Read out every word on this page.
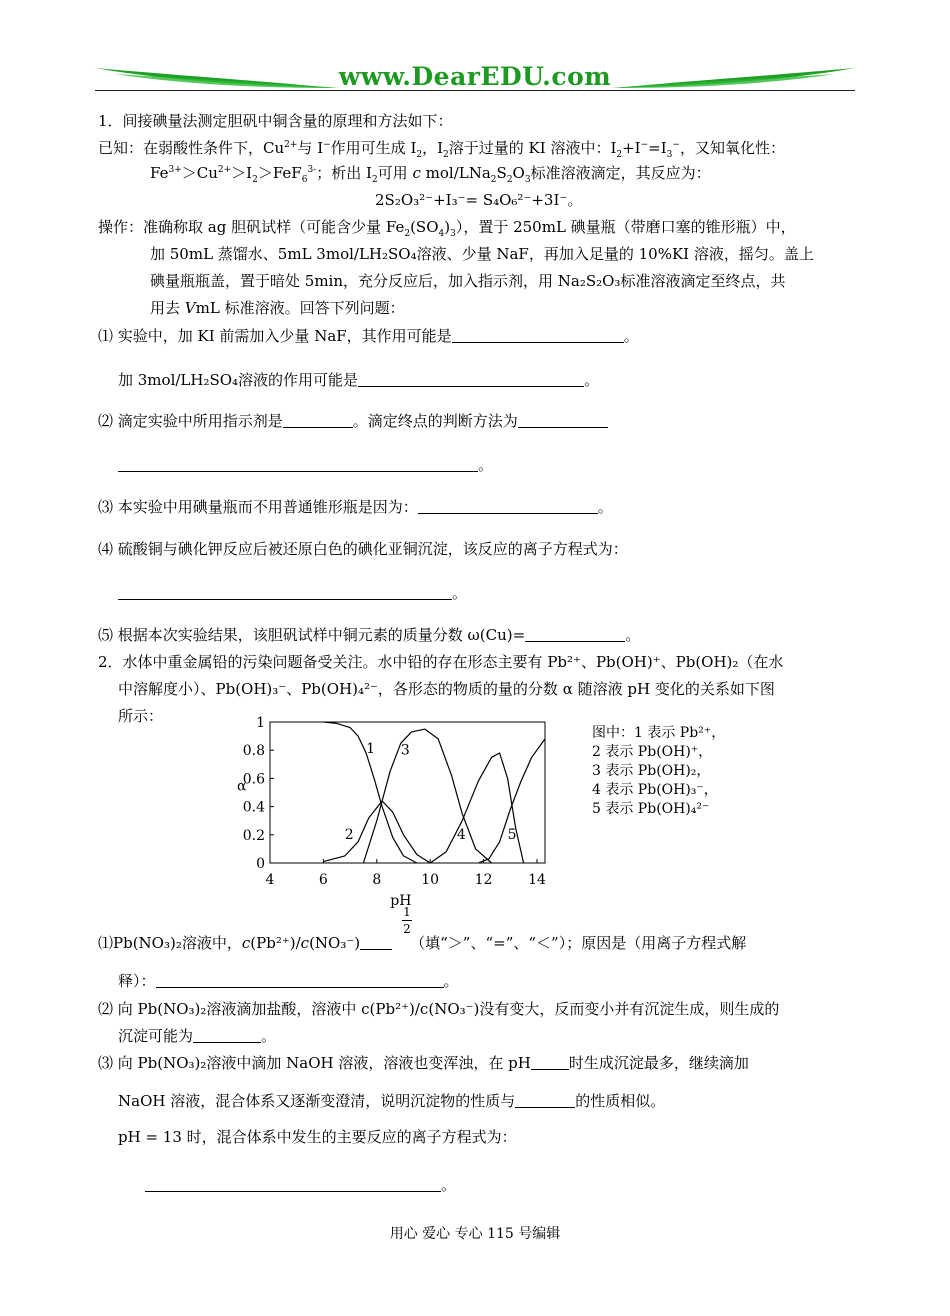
www.DearEDU.com
1．间接碘量法测定胆矾中铜含量的原理和方法如下：
已知：在弱酸性条件下，$Cu^{2+}$与 I−作用可生成 $I_2$，$I_2$溶于过量的 KI 溶液中：$I_2+I^-=I_3^-$，又知氧化性：
$Fe^{3+}>Cu^{2+}>I_2>FeF_6^{3-}$；析出 $I_2$可用 c mol/$LNa_2S_2O_3$标准溶液滴定，其反应为：
2S₂O₃²⁻+I₃⁻= S₄O₆²⁻+3I⁻。
操作：准确称取 ag 胆矾试样（可能含少量 $Fe_2(SO_4)_3$），置于 250mL 碘量瓶（带磨口塞的锥形瓶）中，
加 50mL 蒸馏水、5mL 3mol/LH₂SO₄溶液、少量 NaF，再加入足量的 10%KI 溶液，摇匀。盖上
碘量瓶瓶盖，置于暗处 5min，充分反应后，加入指示剂，用 Na₂S₂O₃标准溶液滴定至终点，共
用去 VmL 标准溶液。回答下列问题：
⑴ 实验中，加 KI 前需加入少量 NaF，其作用可能是	。
加 3mol/LH₂SO₄溶液的作用可能是	。
⑵ 滴定实验中所用指示剂是	。滴定终点的判断方法为
。
⑶ 本实验中用碘量瓶而不用普通锥形瓶是因为：	。
⑷ 硫酸铜与碘化钾反应后被还原白色的碘化亚铜沉淀，该反应的离子方程式为：
。
⑸ 根据本次实验结果，该胆矾试样中铜元素的质量分数 ω(Cu)=	。
2．水体中重金属铅的污染问题备受关注。水中铅的存在形态主要有 Pb²⁺、Pb(OH)⁺、Pb(OH)₂（在水
中溶解度小）、Pb(OH)₃⁻、Pb(OH)₄²⁻，各形态的物质的量的分数 α 随溶液 pH 变化的关系如下图
所示：
4	6	8	10	12	14
0
0.2
0.4
0.6
0.8
1
α
pH
1
2
3
4	5
图中：1 表示 Pb²⁺，
2 表示 Pb(OH)⁺，
3 表示 Pb(OH)₂，
4 表示 Pb(OH)₃⁻，
5 表示 Pb(OH)₄²⁻
1
2
⑴Pb(NO₃)₂溶液中，c(Pb²⁺)/c(NO₃⁻)	（填“＞”、“=”、“＜”）；原因是（用离子方程式解
释）：	。
⑵ 向 Pb(NO₃)₂溶液滴加盐酸，溶液中 c(Pb²⁺)/c(NO₃⁻)没有变大，反而变小并有沉淀生成，则生成的
沉淀可能为	。
⑶ 向 Pb(NO₃)₂溶液中滴加 NaOH 溶液，溶液也变浑浊，在 pH	时生成沉淀最多，继续滴加
NaOH 溶液，混合体系又逐渐变澄清，说明沉淀物的性质与	的性质相似。
pH = 13 时，混合体系中发生的主要反应的离子方程式为：
。
用心 爱心 专心 115 号编辑
